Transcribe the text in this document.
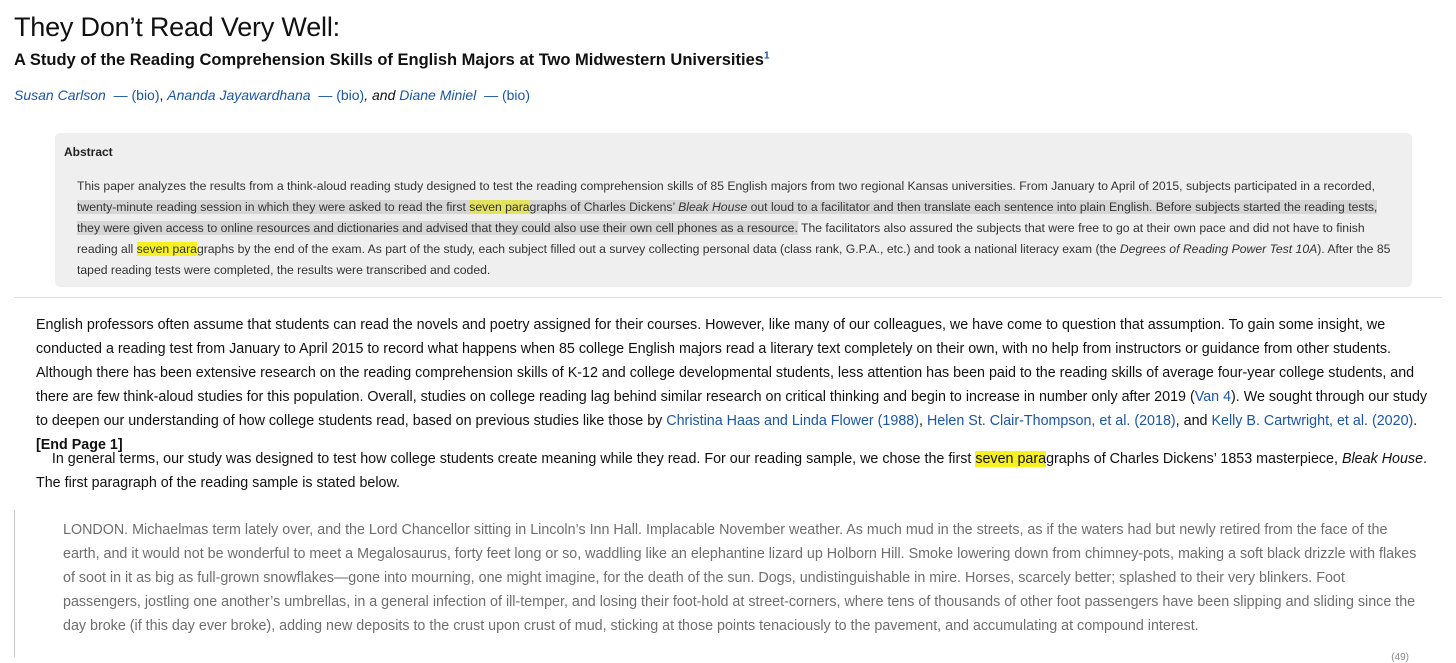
They Don’t Read Very Well:
A Study of the Reading Comprehension Skills of English Majors at Two Midwestern Universities$^1$
Susan Carlson — (bio), Ananda Jayawardhana — (bio), and Diane Miniel — (bio)
Abstract
This paper analyzes the results from a think-aloud reading study designed to test the reading comprehension skills of 85 English majors from two regional Kansas universities. From January to April of 2015, subjects participated in a recorded, twenty-minute reading session in which they were asked to read the first seven paragraphs of Charles Dickens’ Bleak House out loud to a facilitator and then translate each sentence into plain English. Before subjects started the reading tests, they were given access to online resources and dictionaries and advised that they could also use their own cell phones as a resource. The facilitators also assured the subjects that were free to go at their own pace and did not have to finish reading all seven paragraphs by the end of the exam. As part of the study, each subject filled out a survey collecting personal data (class rank, G.P.A., etc.) and took a national literacy exam (the Degrees of Reading Power Test 10A). After the 85 taped reading tests were completed, the results were transcribed and coded.

English professors often assume that students can read the novels and poetry assigned for their courses. However, like many of our colleagues, we have come to question that assumption. To gain some insight, we conducted a reading test from January to April 2015 to record what happens when 85 college English majors read a literary text completely on their own, with no help from instructors or guidance from other students. Although there has been extensive research on the reading comprehension skills of K-12 and college developmental students, less attention has been paid to the reading skills of average four-year college students, and there are few think-aloud studies for this population. Overall, studies on college reading lag behind similar research on critical thinking and begin to increase in number only after 2019 (Van 4). We sought through our study to deepen our understanding of how college students read, based on previous studies like those by Christina Haas and Linda Flower (1988), Helen St. Clair-Thompson, et al. (2018), and Kelly B. Cartwright, et al. (2020). [End Page 1]

In general terms, our study was designed to test how college students create meaning while they read. For our reading sample, we chose the first seven paragraphs of Charles Dickens’ 1853 masterpiece, Bleak House. The first paragraph of the reading sample is stated below.

LONDON. Michaelmas term lately over, and the Lord Chancellor sitting in Lincoln’s Inn Hall. Implacable November weather. As much mud in the streets, as if the waters had but newly retired from the face of the earth, and it would not be wonderful to meet a Megalosaurus, forty feet long or so, waddling like an elephantine lizard up Holborn Hill. Smoke lowering down from chimney-pots, making a soft black drizzle with flakes of soot in it as big as full-grown snowflakes—gone into mourning, one might imagine, for the death of the sun. Dogs, undistinguishable in mire. Horses, scarcely better; splashed to their very blinkers. Foot passengers, jostling one another’s umbrellas, in a general infection of ill-temper, and losing their foot-hold at street-corners, where tens of thousands of other foot passengers have been slipping and sliding since the day broke (if this day ever broke), adding new deposits to the crust upon crust of mud, sticking at those points tenaciously to the pavement, and accumulating at compound interest.
(49)
